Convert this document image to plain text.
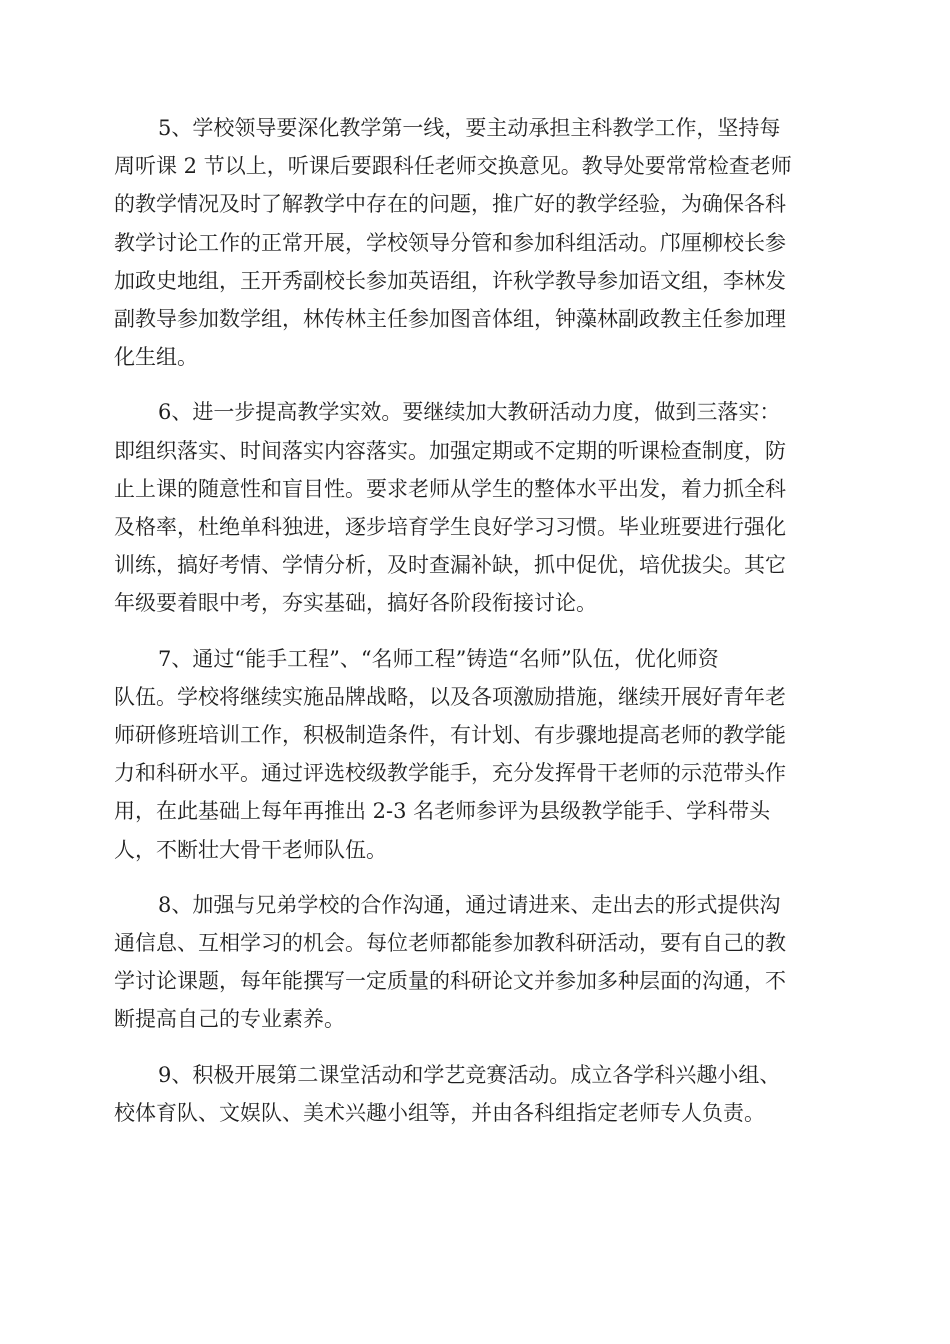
5、学校领导要深化教学第一线，要主动承担主科教学工作，坚持每
周听课 2 节以上，听课后要跟科任老师交换意见。教导处要常常检查老师
的教学情况及时了解教学中存在的问题，推广好的教学经验，为确保各科
教学讨论工作的正常开展，学校领导分管和参加科组活动。邝厘柳校长参
加政史地组，王开秀副校长参加英语组，许秋学教导参加语文组，李林发
副教导参加数学组，林传林主任参加图音体组，钟藻林副政教主任参加理
化生组。

6、进一步提高教学实效。要继续加大教研活动力度，做到三落实：
即组织落实、时间落实内容落实。加强定期或不定期的听课检查制度，防
止上课的随意性和盲目性。要求老师从学生的整体水平出发，着力抓全科
及格率，杜绝单科独进，逐步培育学生良好学习习惯。毕业班要进行强化
训练，搞好考情、学情分析，及时查漏补缺，抓中促优，培优拔尖。其它
年级要着眼中考，夯实基础，搞好各阶段衔接讨论。

7、通过“能手工程”、“名师工程”铸造“名师”队伍，优化师资
队伍。学校将继续实施品牌战略，以及各项激励措施，继续开展好青年老
师研修班培训工作，积极制造条件，有计划、有步骤地提高老师的教学能
力和科研水平。通过评选校级教学能手，充分发挥骨干老师的示范带头作
用，在此基础上每年再推出 2-3 名老师参评为县级教学能手、学科带头
人，不断壮大骨干老师队伍。

8、加强与兄弟学校的合作沟通，通过请进来、走出去的形式提供沟
通信息、互相学习的机会。每位老师都能参加教科研活动，要有自己的教
学讨论课题，每年能撰写一定质量的科研论文并参加多种层面的沟通，不
断提高自己的专业素养。

9、积极开展第二课堂活动和学艺竞赛活动。成立各学科兴趣小组、
校体育队、文娱队、美术兴趣小组等，并由各科组指定老师专人负责。
